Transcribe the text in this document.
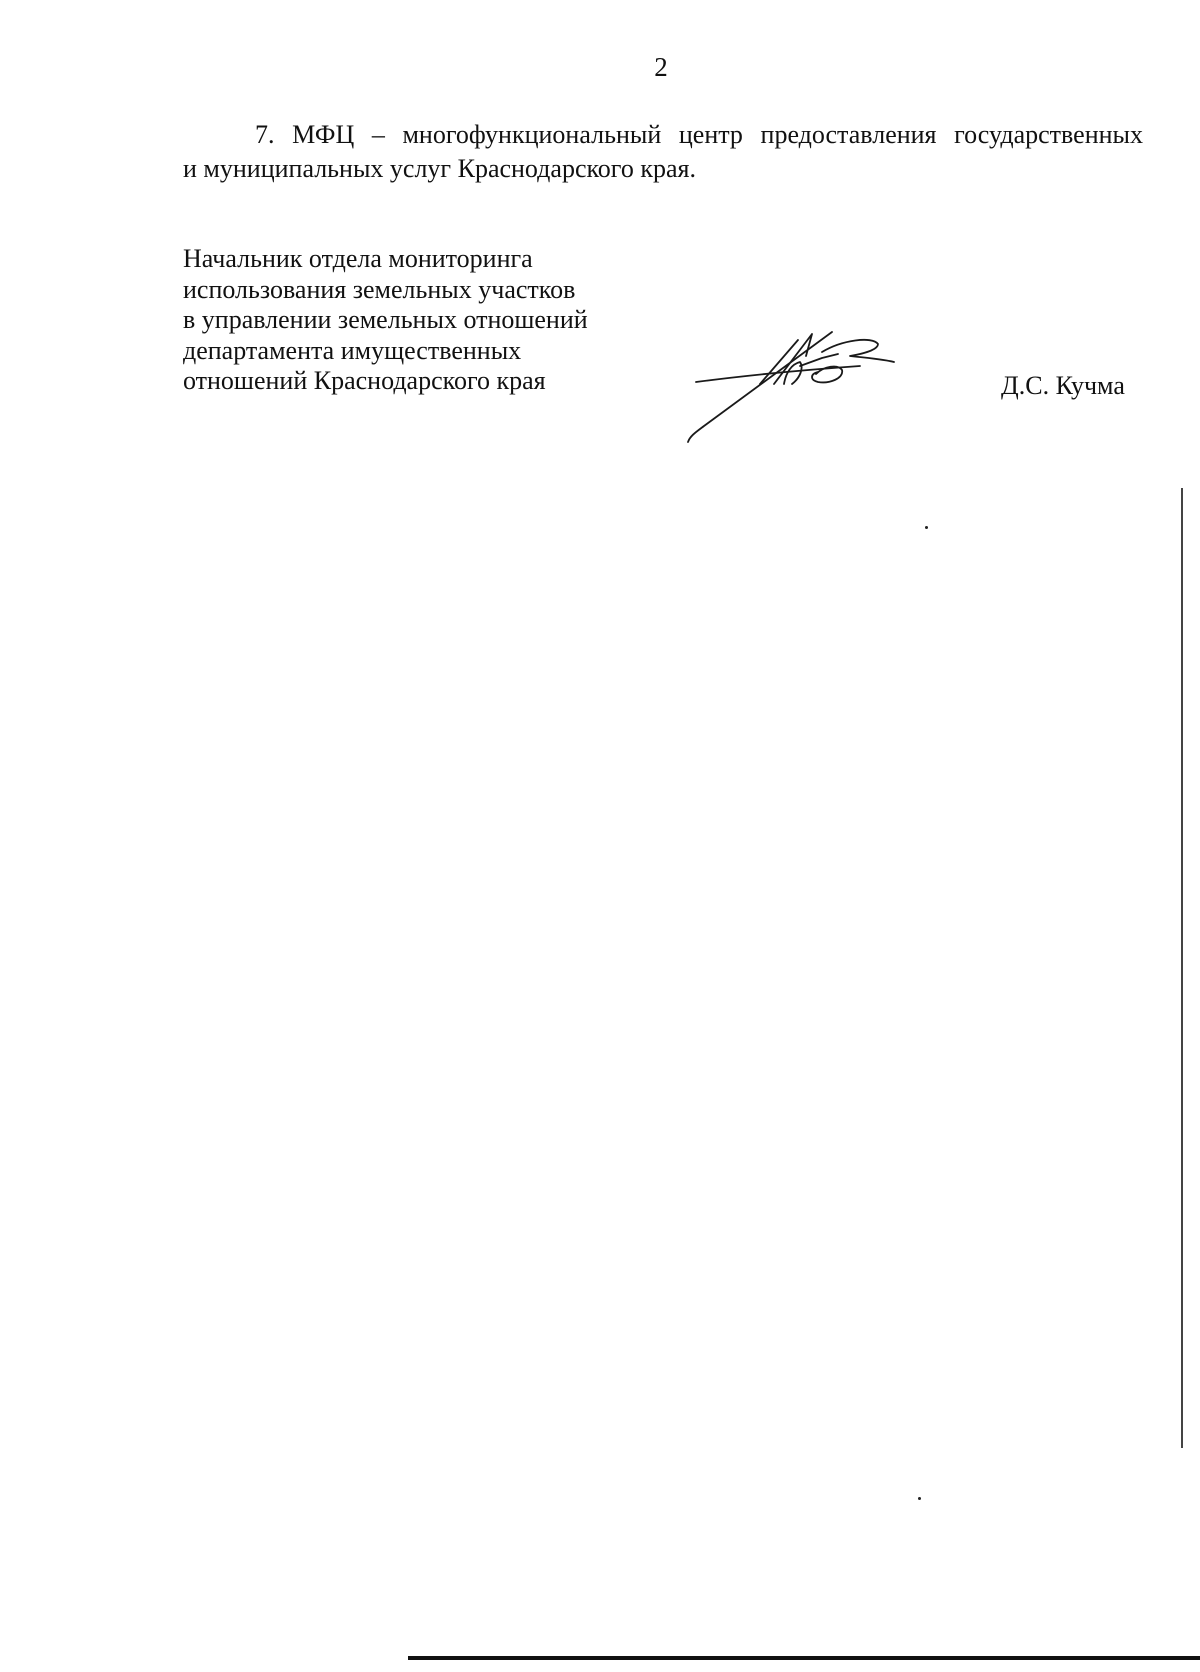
2
7. МФЦ – многофункциональный центр предоставления государственных
и муниципальных услуг Краснодарского края.
Начальник отдела мониторинга
использования земельных участков
в управлении земельных отношений
департамента имущественных
отношений Краснодарского края	Д.С. Кучма
